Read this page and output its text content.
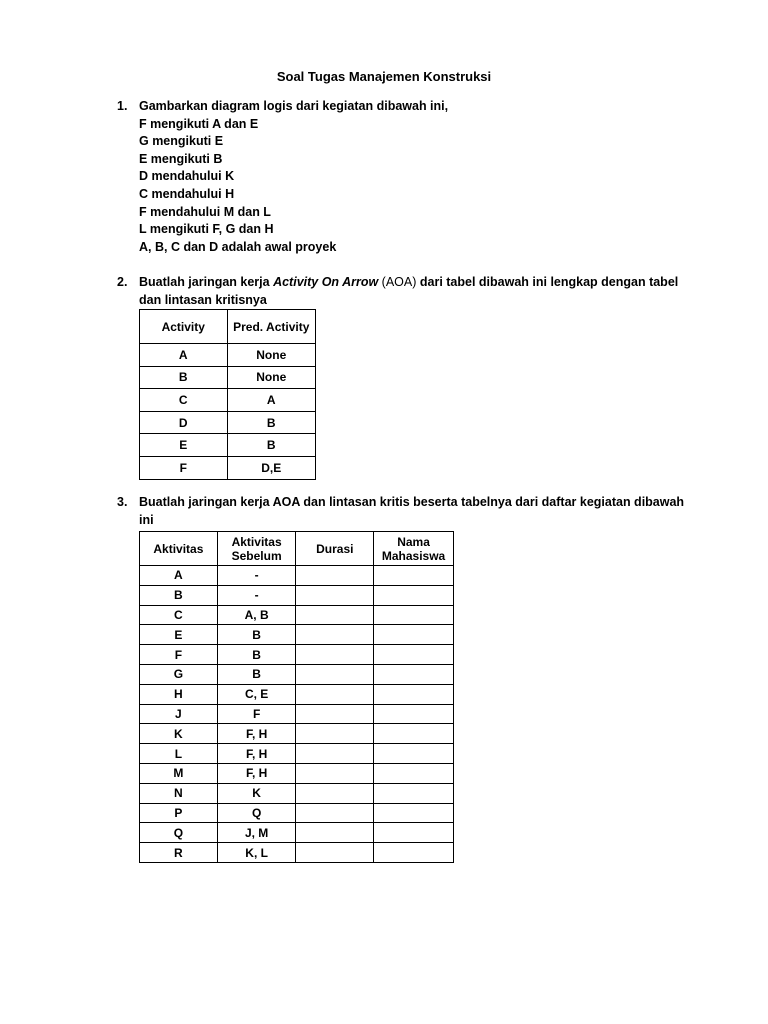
Soal Tugas Manajemen Konstruksi
1. Gambarkan diagram logis dari kegiatan dibawah ini,
F mengikuti A dan E
G mengikuti E
E mengikuti B
D mendahului K
C mendahului H
F mendahului M dan L
L mengikuti F, G dan H
A, B, C dan D adalah awal proyek
2. Buatlah jaringan kerja Activity On Arrow (AOA) dari tabel dibawah ini lengkap dengan tabel
dan lintasan kritisnya
Activity	Pred. Activity
A	None
B	None
C	A
D	B
E	B
F	D,E
3. Buatlah jaringan kerja AOA dan lintasan kritis beserta tabelnya dari daftar kegiatan dibawah
ini
Aktivitas	Aktivitas Sebelum	Durasi	Nama Mahasiswa
A	-		
B	-		
C	A, B		
E	B		
F	B		
G	B		
H	C, E		
J	F		
K	F, H		
L	F, H		
M	F, H		
N	K		
P	Q		
Q	J, M		
R	K, L		
